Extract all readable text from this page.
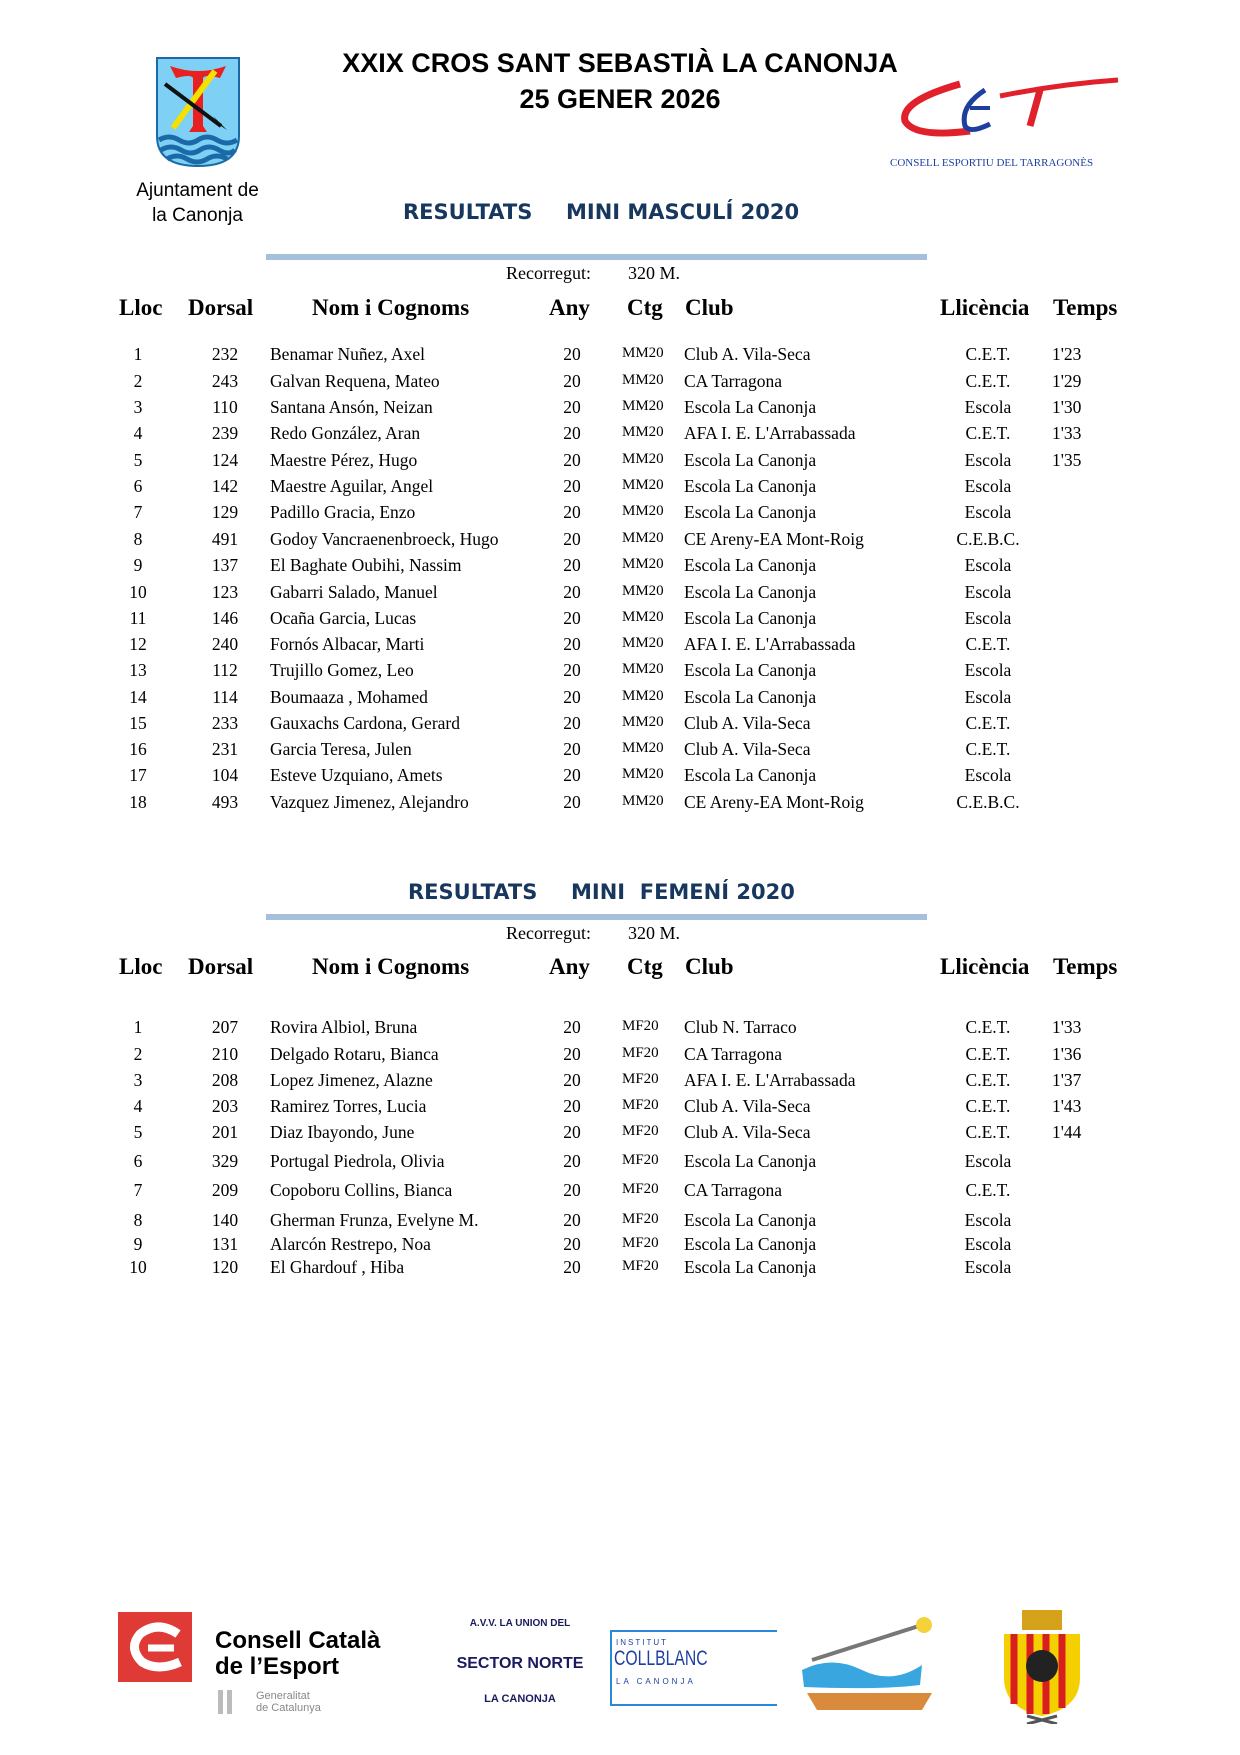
XXIX CROS SANT SEBASTIÀ LA CANONJA
25 GENER 2026
Ajuntament de
la Canonja
CONSELL ESPORTIU DEL TARRAGONÈS
RESULTATS MINI MASCULÍ 2020
Recorregut: 320 M.
Lloc Dorsal	Nom i Cognoms	Any Ctg Club	Llicència Temps
1	232	Benamar Nuñez, Axel	20	MM20 Club A. Vila-Seca	C.E.T.	1'23
2	243	Galvan Requena, Mateo	20	MM20 CA Tarragona	C.E.T.	1'29
3	110	Santana Ansón, Neizan	20	MM20 Escola La Canonja	Escola	1'30
4	239	Redo González, Aran	20	MM20 AFA I. E. L'Arrabassada	C.E.T.	1'33
5	124	Maestre Pérez, Hugo	20	MM20 Escola La Canonja	Escola	1'35
6	142	Maestre Aguilar, Angel	20	MM20 Escola La Canonja	Escola
7	129	Padillo Gracia, Enzo	20	MM20 Escola La Canonja	Escola
8	491	Godoy Vancraenenbroeck, Hugo	20	MM20 CE Areny-EA Mont-Roig	C.E.B.C.
9	137	El Baghate Oubihi, Nassim	20	MM20 Escola La Canonja	Escola
10	123	Gabarri Salado, Manuel	20	MM20 Escola La Canonja	Escola
11	146	Ocaña Garcia, Lucas	20	MM20 Escola La Canonja	Escola
12	240	Fornós Albacar, Marti	20	MM20 AFA I. E. L'Arrabassada	C.E.T.
13	112	Trujillo Gomez, Leo	20	MM20 Escola La Canonja	Escola
14	114	Boumaaza , Mohamed	20	MM20 Escola La Canonja	Escola
15	233	Gauxachs Cardona, Gerard	20	MM20 Club A. Vila-Seca	C.E.T.
16	231	Garcia Teresa, Julen	20	MM20 Club A. Vila-Seca	C.E.T.
17	104	Esteve Uzquiano, Amets	20	MM20 Escola La Canonja	Escola
18	493	Vazquez Jimenez, Alejandro	20	MM20 CE Areny-EA Mont-Roig	C.E.B.C.
RESULTATS MINI  FEMENÍ 2020
Recorregut: 320 M.
Lloc Dorsal	Nom i Cognoms	Any Ctg Club	Llicència Temps
1	207	Rovira Albiol, Bruna	20	MF20 Club N. Tarraco	C.E.T.	1'33
2	210	Delgado Rotaru, Bianca	20	MF20 CA Tarragona	C.E.T.	1'36
3	208	Lopez Jimenez, Alazne	20	MF20 AFA I. E. L'Arrabassada	C.E.T.	1'37
4	203	Ramirez Torres, Lucia	20	MF20 Club A. Vila-Seca	C.E.T.	1'43
5	201	Diaz Ibayondo, June	20	MF20 Club A. Vila-Seca	C.E.T.	1'44
6	329	Portugal Piedrola, Olivia	20	MF20 Escola La Canonja	Escola
7	209	Copoboru Collins, Bianca	20	MF20 CA Tarragona	C.E.T.
8	140	Gherman Frunza, Evelyne M.	20	MF20 Escola La Canonja	Escola
9	131	Alarcón Restrepo, Noa	20	MF20 Escola La Canonja	Escola
10	120	El Ghardouf , Hiba	20	MF20 Escola La Canonja	Escola
Consell Català
de l’Esport
Generalitat
de Catalunya
A.V.V. LA UNION DEL
SECTOR NORTE
LA CANONJA
INSTITUT
COLLBLANC
LA CANONJA
